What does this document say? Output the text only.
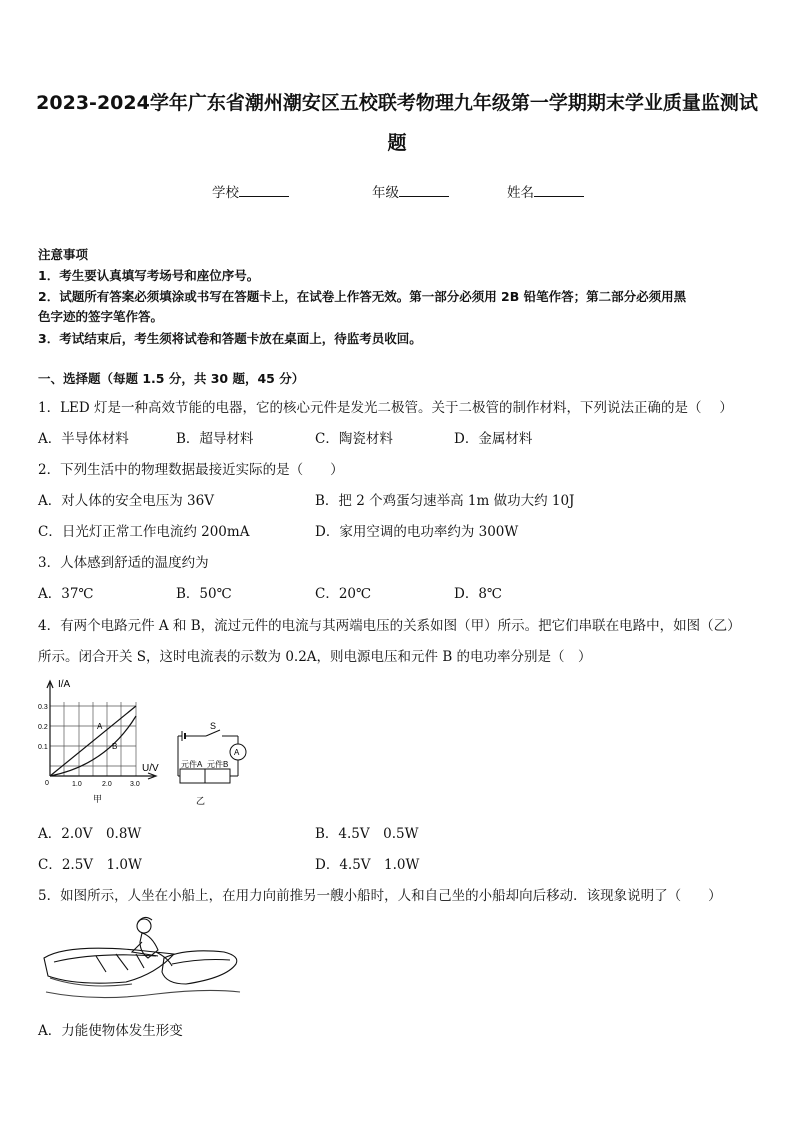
2023-2024学年广东省潮州潮安区五校联考物理九年级第一学期期末学业质量监测试
题
学校	年级	姓名
注意事项
1．考生要认真填写考场号和座位序号。
2．试题所有答案必须填涂或书写在答题卡上，在试卷上作答无效。第一部分必须用 2B 铅笔作答；第二部分必须用黑
色字迹的签字笔作答。
3．考试结束后，考生须将试卷和答题卡放在桌面上，待监考员收回。
一、选择题（每题 1.5 分，共 30 题，45 分）
1．LED 灯是一种高效节能的电器，它的核心元件是发光二极管。关于二极管的制作材料，下列说法正确的是（　 ）
A．半导体材料	B．超导材料	C．陶瓷材料	D．金属材料
2．下列生活中的物理数据最接近实际的是（　　）
A．对人体的安全电压为 36V	B．把 2 个鸡蛋匀速举高 1m 做功大约 10J
C．日光灯正常工作电流约 200mA	D．家用空调的电功率约为 300W
3．人体感到舒适的温度约为
A．37℃	B．50℃	C．20℃	D．8℃
4．有两个电路元件 A 和 B，流过元件的电流与其两端电压的关系如图（甲）所示。把它们串联在电路中，如图（乙）
所示。闭合开关 S，这时电流表的示数为 0.2A，则电源电压和元件 B 的电功率分别是（　）
I/A
U/V
0.3
0.2
0.1
0	1.0	2.0	3.0
A
B
甲
S
A
元件A 元件B
乙
A．2.0V　0.8W	B．4.5V　0.5W
C．2.5V　1.0W	D．4.5V　1.0W
5．如图所示，人坐在小船上，在用力向前推另一艘小船时，人和自己坐的小船却向后移动．该现象说明了（　　）
A．力能使物体发生形变
